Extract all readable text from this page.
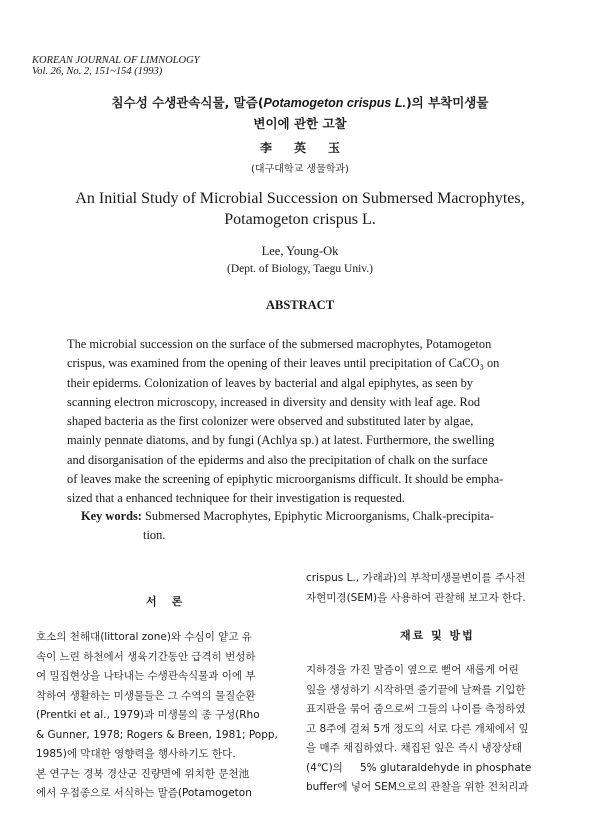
KOREAN JOURNAL OF LIMNOLOGY
Vol. 26, No. 2, 151~154 (1993)
침수성 수생관속식물, 말즘(Potamogeton crispus L.)의 부착미생물
변이에 관한 고찰
李英玉
(대구대학교 생물학과)
An Initial Study of Microbial Succession on Submersed Macrophytes,
Potamogeton crispus L.
Lee, Young-Ok
(Dept. of Biology, Taegu Univ.)
ABSTRACT
The microbial succession on the surface of the submersed macrophytes, Potamogeton
crispus, was examined from the opening of their leaves until precipitation of CaCO₃ on
their epiderms. Colonization of leaves by bacterial and algal epiphytes, as seen by
scanning electron microscopy, increased in diversity and density with leaf age. Rod
shaped bacteria as the first colonizer were observed and substituted later by algae,
mainly pennate diatoms, and by fungi (Achlya sp.) at latest. Furthermore, the swelling
and disorganisation of the epiderms and also the precipitation of chalk on the surface
of leaves make the screening of epiphytic microorganisms difficult. It should be empha-
sized that a enhanced techniquee for their investigation is requested.
Key words: Submersed Macrophytes, Epiphytic Microorganisms, Chalk-precipita-
tion.
서　론
호소의 천해대(littoral zone)와 수심이 얕고 유
속이 느린 하천에서 생육기간동안 급격히 번성하
여 밀집현상을 나타내는 수생관속식물과 이에 부
착하여 생활하는 미생물들은 그 수역의 물질순환
(Prentki et al., 1979)과 미생물의 종 구성(Rho
& Gunner, 1978; Rogers & Breen, 1981; Popp,
1985)에 막대한 영향력을 행사하기도 한다.
본 연구는 경북 경산군 진량면에 위치한 문천池
에서 우점종으로 서식하는 말즘(Potamogeton
crispus L., 가래과)의 부착미생물변이를 주사전
자현미경(SEM)을 사용하여 관찰해 보고자 한다.
재료 및 방법
지하경을 가진 말즘이 옆으로 뻗어 새롭게 어린
잎을 생성하기 시작하면 줄기끝에 날짜를 기입한
표지판을 묶어 줌으로써 그들의 나이를 측정하였
고 8주에 걸쳐 5개 정도의 서로 다른 개체에서 잎
을 매주 채집하였다. 채집된 잎은 즉시 냉장상태
(4℃)의 　 5% glutaraldehyde in phosphate
buffer에 넣어 SEM으로의 관찰을 위한 전처리과
